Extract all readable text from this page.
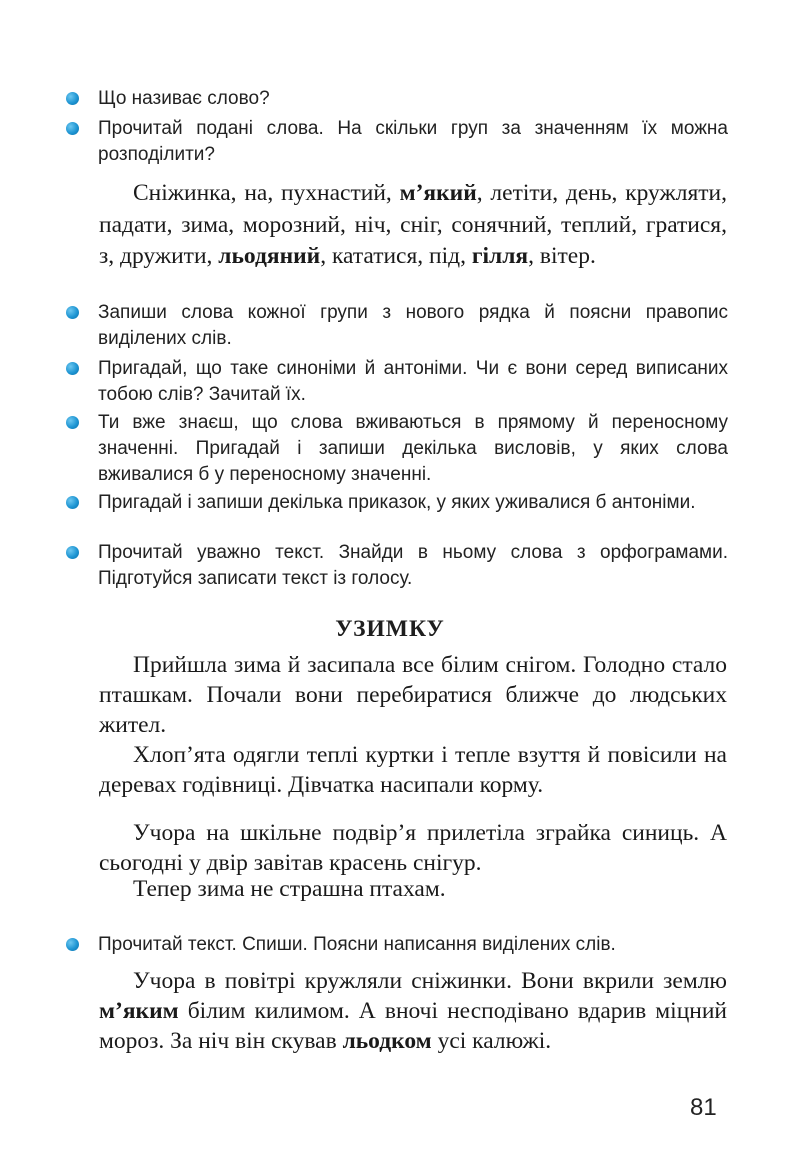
Що називає слово?
Прочитай подані слова. На скільки груп за значенням їх можна розподілити?
Сніжинка, на, пухнастий, м’який, летіти, день, кружляти, падати, зима, морозний, ніч, сніг, сонячний, теплий, гратися, з, дружити, льодяний, кататися, під, гілля, вітер.
Запиши слова кожної групи з нового рядка й поясни правопис виділених слів.
Пригадай, що таке синоніми й антоніми. Чи є вони серед виписаних тобою слів? Зачитай їх.
Ти вже знаєш, що слова вживаються в прямому й переносному значенні. Пригадай і запиши декілька висловів, у яких слова вживалися б у переносному значенні.
Пригадай і запиши декілька приказок, у яких уживалися б антоніми.
Прочитай уважно текст. Знайди в ньому слова з орфограмами. Підготуйся записати текст із голосу.
УЗИМКУ
Прийшла зима й засипала все білим снігом. Голодно стало пташкам. Почали вони перебиратися ближче до людських жител.
Хлоп’ята одягли теплі куртки і тепле взуття й повісили на деревах годівниці. Дівчатка насипали корму.
Учора на шкільне подвір’я прилетіла зграйка синиць. А сьогодні у двір завітав красень снігур.
Тепер зима не страшна птахам.
Прочитай текст. Спиши. Поясни написання виділених слів.
Учора в повітрі кружляли сніжинки. Вони вкрили землю м’яким білим килимом. А вночі несподівано вдарив міцний мороз. За ніч він скував льодком усі калюжі.
81
